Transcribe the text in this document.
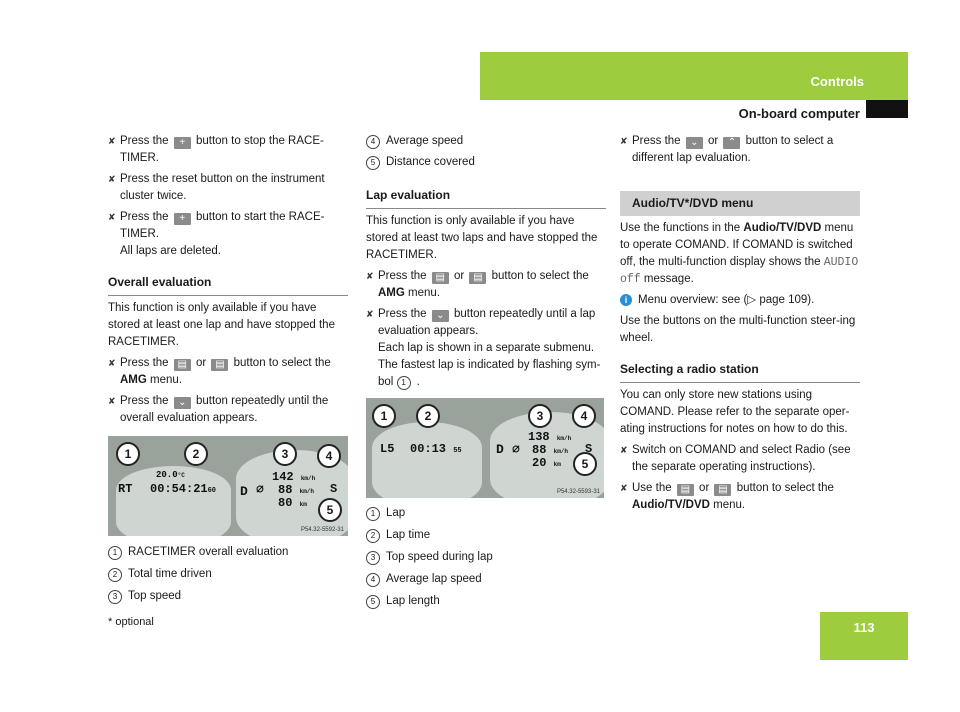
Controls
On-board computer
✘ Press the + button to stop the RACE-TIMER.
✘ Press the reset button on the instrument cluster twice.
✘ Press the + button to start the RACE-TIMER.
All laps are deleted.
Overall evaluation

This function is only available if you have stored at least one lap and have stopped the RACETIMER.

✘ Press the ▤ or ▤ button to select the AMG menu.
✘ Press the ⌄ button repeatedly until the overall evaluation appears.
1	2	3	4
5
20.0°C
RT 00:54:2160 D ∅
142 km/h
88 km/h
80 km
S
P54.32-5592-31
1 RACETIMER overall evaluation
2 Total time driven
3 Top speed
4 Average speed
5 Distance covered
Lap evaluation

This function is only available if you have stored at least two laps and have stopped the RACETIMER.

✘ Press the ▤ or ▤ button to select the AMG menu.
✘ Press the ⌄ button repeatedly until a lap evaluation appears.
Each lap is shown in a separate submenu. The fastest lap is indicated by flashing sym-bol 1 .
1	2	3	4
5
L5 00:13 55	D ∅
138 km/h
88 km/h
20 km
S
P54.32-5593-31
1 Lap
2 Lap time
3 Top speed during lap
4 Average lap speed
5 Lap length
✘ Press the ⌄ or ⌃ button to select a different lap evaluation.
Audio/TV*/DVD menu

Use the functions in the Audio/TV/DVD menu to operate COMAND. If COMAND is switched off, the multi-function display shows the AUDIO off message.

i Menu overview: see (▷ page 109).

Use the buttons on the multi-function steer-ing wheel.

Selecting a radio station

You can only store new stations using COMAND. Please refer to the separate oper-ating instructions for notes on how to do this.

✘ Switch on COMAND and select Radio (see the separate operating instructions).
✘ Use the ▤ or ▤ button to select the Audio/TV/DVD menu.
* optional	113
